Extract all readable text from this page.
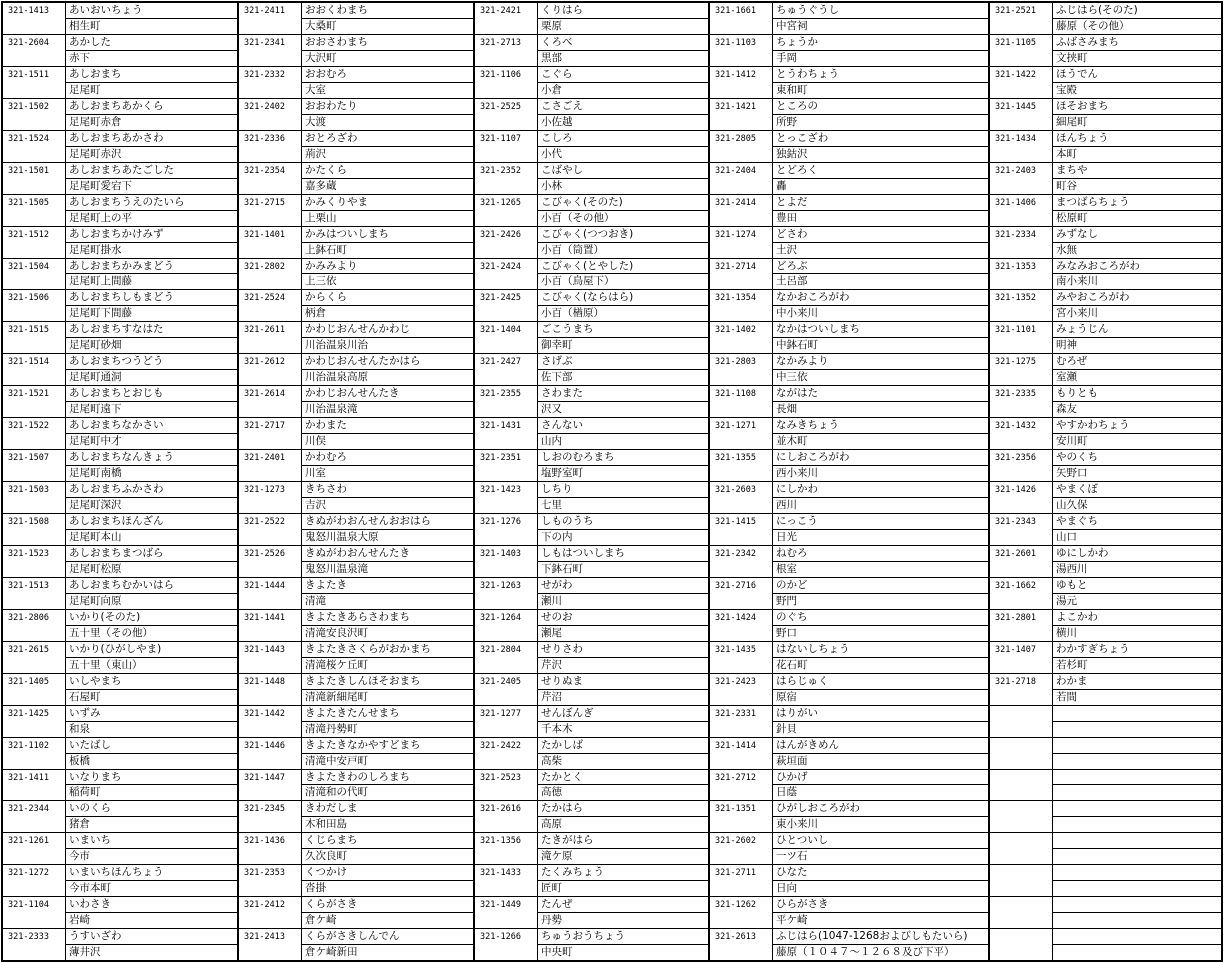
321-1413	あいおいちょう
相生町
321-2604	あかした
赤下
321-1511	あしおまち
足尾町
321-1502	あしおまちあかくら
足尾町赤倉
321-1524	あしおまちあかさわ
足尾町赤沢
321-1501	あしおまちあたごした
足尾町愛宕下
321-1505	あしおまちうえのたいら
足尾町上の平
321-1512	あしおまちかけみず
足尾町掛水
321-1504	あしおまちかみまどう
足尾町上間藤
321-1506	あしおまちしもまどう
足尾町下間藤
321-1515	あしおまちすなはた
足尾町砂畑
321-1514	あしおまちつうどう
足尾町通洞
321-1521	あしおまちとおじも
足尾町遠下
321-1522	あしおまちなかさい
足尾町中才
321-1507	あしおまちなんきょう
足尾町南橋
321-1503	あしおまちふかさわ
足尾町深沢
321-1508	あしおまちほんざん
足尾町本山
321-1523	あしおまちまつばら
足尾町松原
321-1513	あしおまちむかいはら
足尾町向原
321-2806	いかり(そのた)
五十里（その他）
321-2615	いかり(ひがしやま)
五十里（東山）
321-1405	いしやまち
石屋町
321-1425	いずみ
和泉
321-1102	いたばし
板橋
321-1411	いなりまち
稲荷町
321-2344	いのくら
猪倉
321-1261	いまいち
今市
321-1272	いまいちほんちょう
今市本町
321-1104	いわさき
岩崎
321-2333	うすいざわ
薄井沢
321-2411	おおくわまち
大桑町
321-2341	おおさわまち
大沢町
321-2332	おおむろ
大室
321-2402	おおわたり
大渡
321-2336	おとろざわ
荊沢
321-2354	かたくら
嘉多蔵
321-2715	かみくりやま
上栗山
321-1401	かみはついしまち
上鉢石町
321-2802	かみみより
上三依
321-2524	からくら
柄倉
321-2611	かわじおんせんかわじ
川治温泉川治
321-2612	かわじおんせんたかはら
川治温泉高原
321-2614	かわじおんせんたき
川治温泉滝
321-2717	かわまた
川俣
321-2401	かわむろ
川室
321-1273	きちさわ
吉沢
321-2522	きぬがわおんせんおおはら
鬼怒川温泉大原
321-2526	きぬがわおんせんたき
鬼怒川温泉滝
321-1444	きよたき
清滝
321-1441	きよたきあらさわまち
清滝安良沢町
321-1443	きよたきさくらがおかまち
清滝桜ケ丘町
321-1448	きよたきしんほそおまち
清滝新細尾町
321-1442	きよたきたんせまち
清滝丹勢町
321-1446	きよたきなかやすどまち
清滝中安戸町
321-1447	きよたきわのしろまち
清滝和の代町
321-2345	きわだしま
木和田島
321-1436	くじらまち
久次良町
321-2353	くつかけ
沓掛
321-2412	くらがさき
倉ケ崎
321-2413	くらがさきしんでん
倉ケ崎新田
321-2421	くりはら
栗原
321-2713	くろべ
黒部
321-1106	こぐら
小倉
321-2525	こさごえ
小佐越
321-1107	こしろ
小代
321-2352	こばやし
小林
321-1265	こびゃく(そのた)
小百（その他）
321-2426	こびゃく(つつおき)
小百（筒置）
321-2424	こびゃく(とやした)
小百（鳥屋下）
321-2425	こびゃく(ならはら)
小百（楢原）
321-1404	ごこうまち
御幸町
321-2427	さげぶ
佐下部
321-2355	さわまた
沢又
321-1431	さんない
山内
321-2351	しおのむろまち
塩野室町
321-1423	しちり
七里
321-1276	しものうち
下の内
321-1403	しもはついしまち
下鉢石町
321-1263	せがわ
瀬川
321-1264	せのお
瀬尾
321-2804	せりさわ
芹沢
321-2405	せりぬま
芹沼
321-1277	せんぼんぎ
千本木
321-2422	たかしば
高柴
321-2523	たかとく
高徳
321-2616	たかはら
高原
321-1356	たきがはら
滝ケ原
321-1433	たくみちょう
匠町
321-1449	たんぜ
丹勢
321-1266	ちゅうおうちょう
中央町
321-1661	ちゅうぐうし
中宮祠
321-1103	ちょうか
手岡
321-1412	とうわちょう
東和町
321-1421	ところの
所野
321-2805	とっこざわ
独鈷沢
321-2404	とどろく
轟
321-2414	とよだ
豊田
321-1274	どさわ
土沢
321-2714	どろぶ
土呂部
321-1354	なかおころがわ
中小来川
321-1402	なかはついしまち
中鉢石町
321-2803	なかみより
中三依
321-1108	ながはた
長畑
321-1271	なみきちょう
並木町
321-1355	にしおころがわ
西小来川
321-2603	にしかわ
西川
321-1415	にっこう
日光
321-2342	ねむろ
根室
321-2716	のかど
野門
321-1424	のぐち
野口
321-1435	はないしちょう
花石町
321-2423	はらじゅく
原宿
321-2331	はりがい
針貝
321-1414	はんがきめん
萩垣面
321-2712	ひかげ
日蔭
321-1351	ひがしおころがわ
東小来川
321-2602	ひとついし
一ツ石
321-2711	ひなた
日向
321-1262	ひらがさき
平ケ崎
321-2613	ふじはら(1047-1268およびしもたいら)
藤原（１０４７～１２６８及び下平）
321-2521	ふじはら(そのた)
藤原（その他）
321-1105	ふばさみまち
文挟町
321-1422	ほうでん
宝殿
321-1445	ほそおまち
細尾町
321-1434	ほんちょう
本町
321-2403	まちや
町谷
321-1406	まつばらちょう
松原町
321-2334	みずなし
水無
321-1353	みなみおころがわ
南小来川
321-1352	みやおころがわ
宮小来川
321-1101	みょうじん
明神
321-1275	むろぜ
室瀬
321-2335	もりとも
森友
321-1432	やすかわちょう
安川町
321-2356	やのくち
矢野口
321-1426	やまくぼ
山久保
321-2343	やまぐち
山口
321-2601	ゆにしかわ
湯西川
321-1662	ゆもと
湯元
321-2801	よこかわ
横川
321-1407	わかすぎちょう
若杉町
321-2718	わかま
若間
